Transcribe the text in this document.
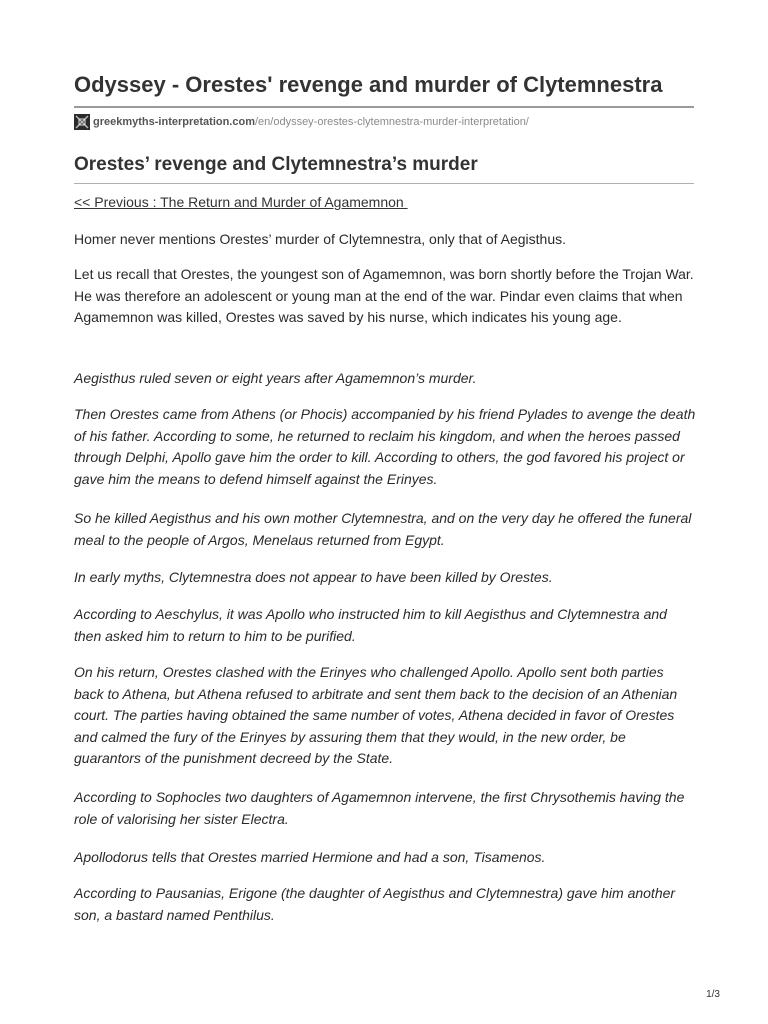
Odyssey - Orestes' revenge and murder of Clytemnestra
greekmyths-interpretation.com /en/odyssey-orestes-clytemnestra-murder-interpretation/
Orestes’ revenge and Clytemnestra’s murder
<< Previous : The Return and Murder of Agamemnon

Homer never mentions Orestes’ murder of Clytemnestra, only that of Aegisthus.

Let us recall that Orestes, the youngest son of Agamemnon, was born shortly before the Trojan War. He was therefore an adolescent or young man at the end of the war. Pindar even claims that when Agamemnon was killed, Orestes was saved by his nurse, which indicates his young age.

Aegisthus ruled seven or eight years after Agamemnon’s murder.

Then Orestes came from Athens (or Phocis) accompanied by his friend Pylades to avenge the death of his father. According to some, he returned to reclaim his kingdom, and when the heroes passed through Delphi, Apollo gave him the order to kill. According to others, the god favored his project or gave him the means to defend himself against the Erinyes.

So he killed Aegisthus and his own mother Clytemnestra, and on the very day he offered the funeral meal to the people of Argos, Menelaus returned from Egypt.

In early myths, Clytemnestra does not appear to have been killed by Orestes.

According to Aeschylus, it was Apollo who instructed him to kill Aegisthus and Clytemnestra and then asked him to return to him to be purified.

On his return, Orestes clashed with the Erinyes who challenged Apollo. Apollo sent both parties back to Athena, but Athena refused to arbitrate and sent them back to the decision of an Athenian court. The parties having obtained the same number of votes, Athena decided in favor of Orestes and calmed the fury of the Erinyes by assuring them that they would, in the new order, be guarantors of the punishment decreed by the State.

According to Sophocles two daughters of Agamemnon intervene, the first Chrysothemis having the role of valorising her sister Electra.

Apollodorus tells that Orestes married Hermione and had a son, Tisamenos.

According to Pausanias, Erigone (the daughter of Aegisthus and Clytemnestra) gave him another son, a bastard named Penthilus.

1/3
